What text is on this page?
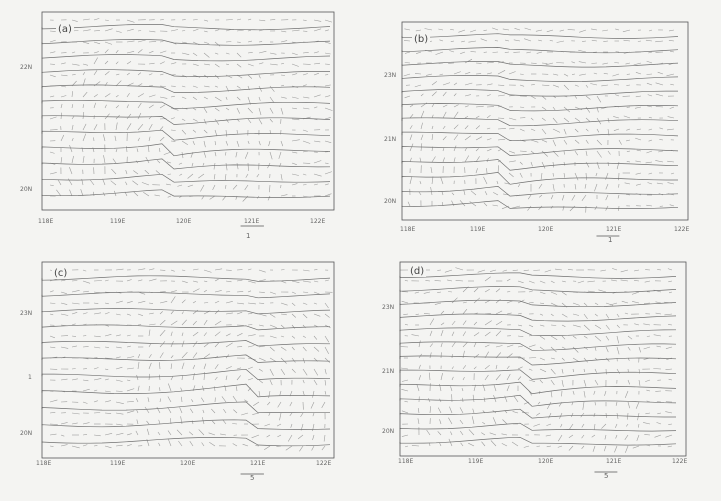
(a)
22N
20N
118E	119E	120E	121E	122E
1
(b)
23N
21N
20N
118E	119E	120E	121E	122E
1
(c)
23N
1
20N
118E	119E	120E	121E	122E
5
(d)
23N
21N
20N
118E	119E	120E	121E	122E
5
